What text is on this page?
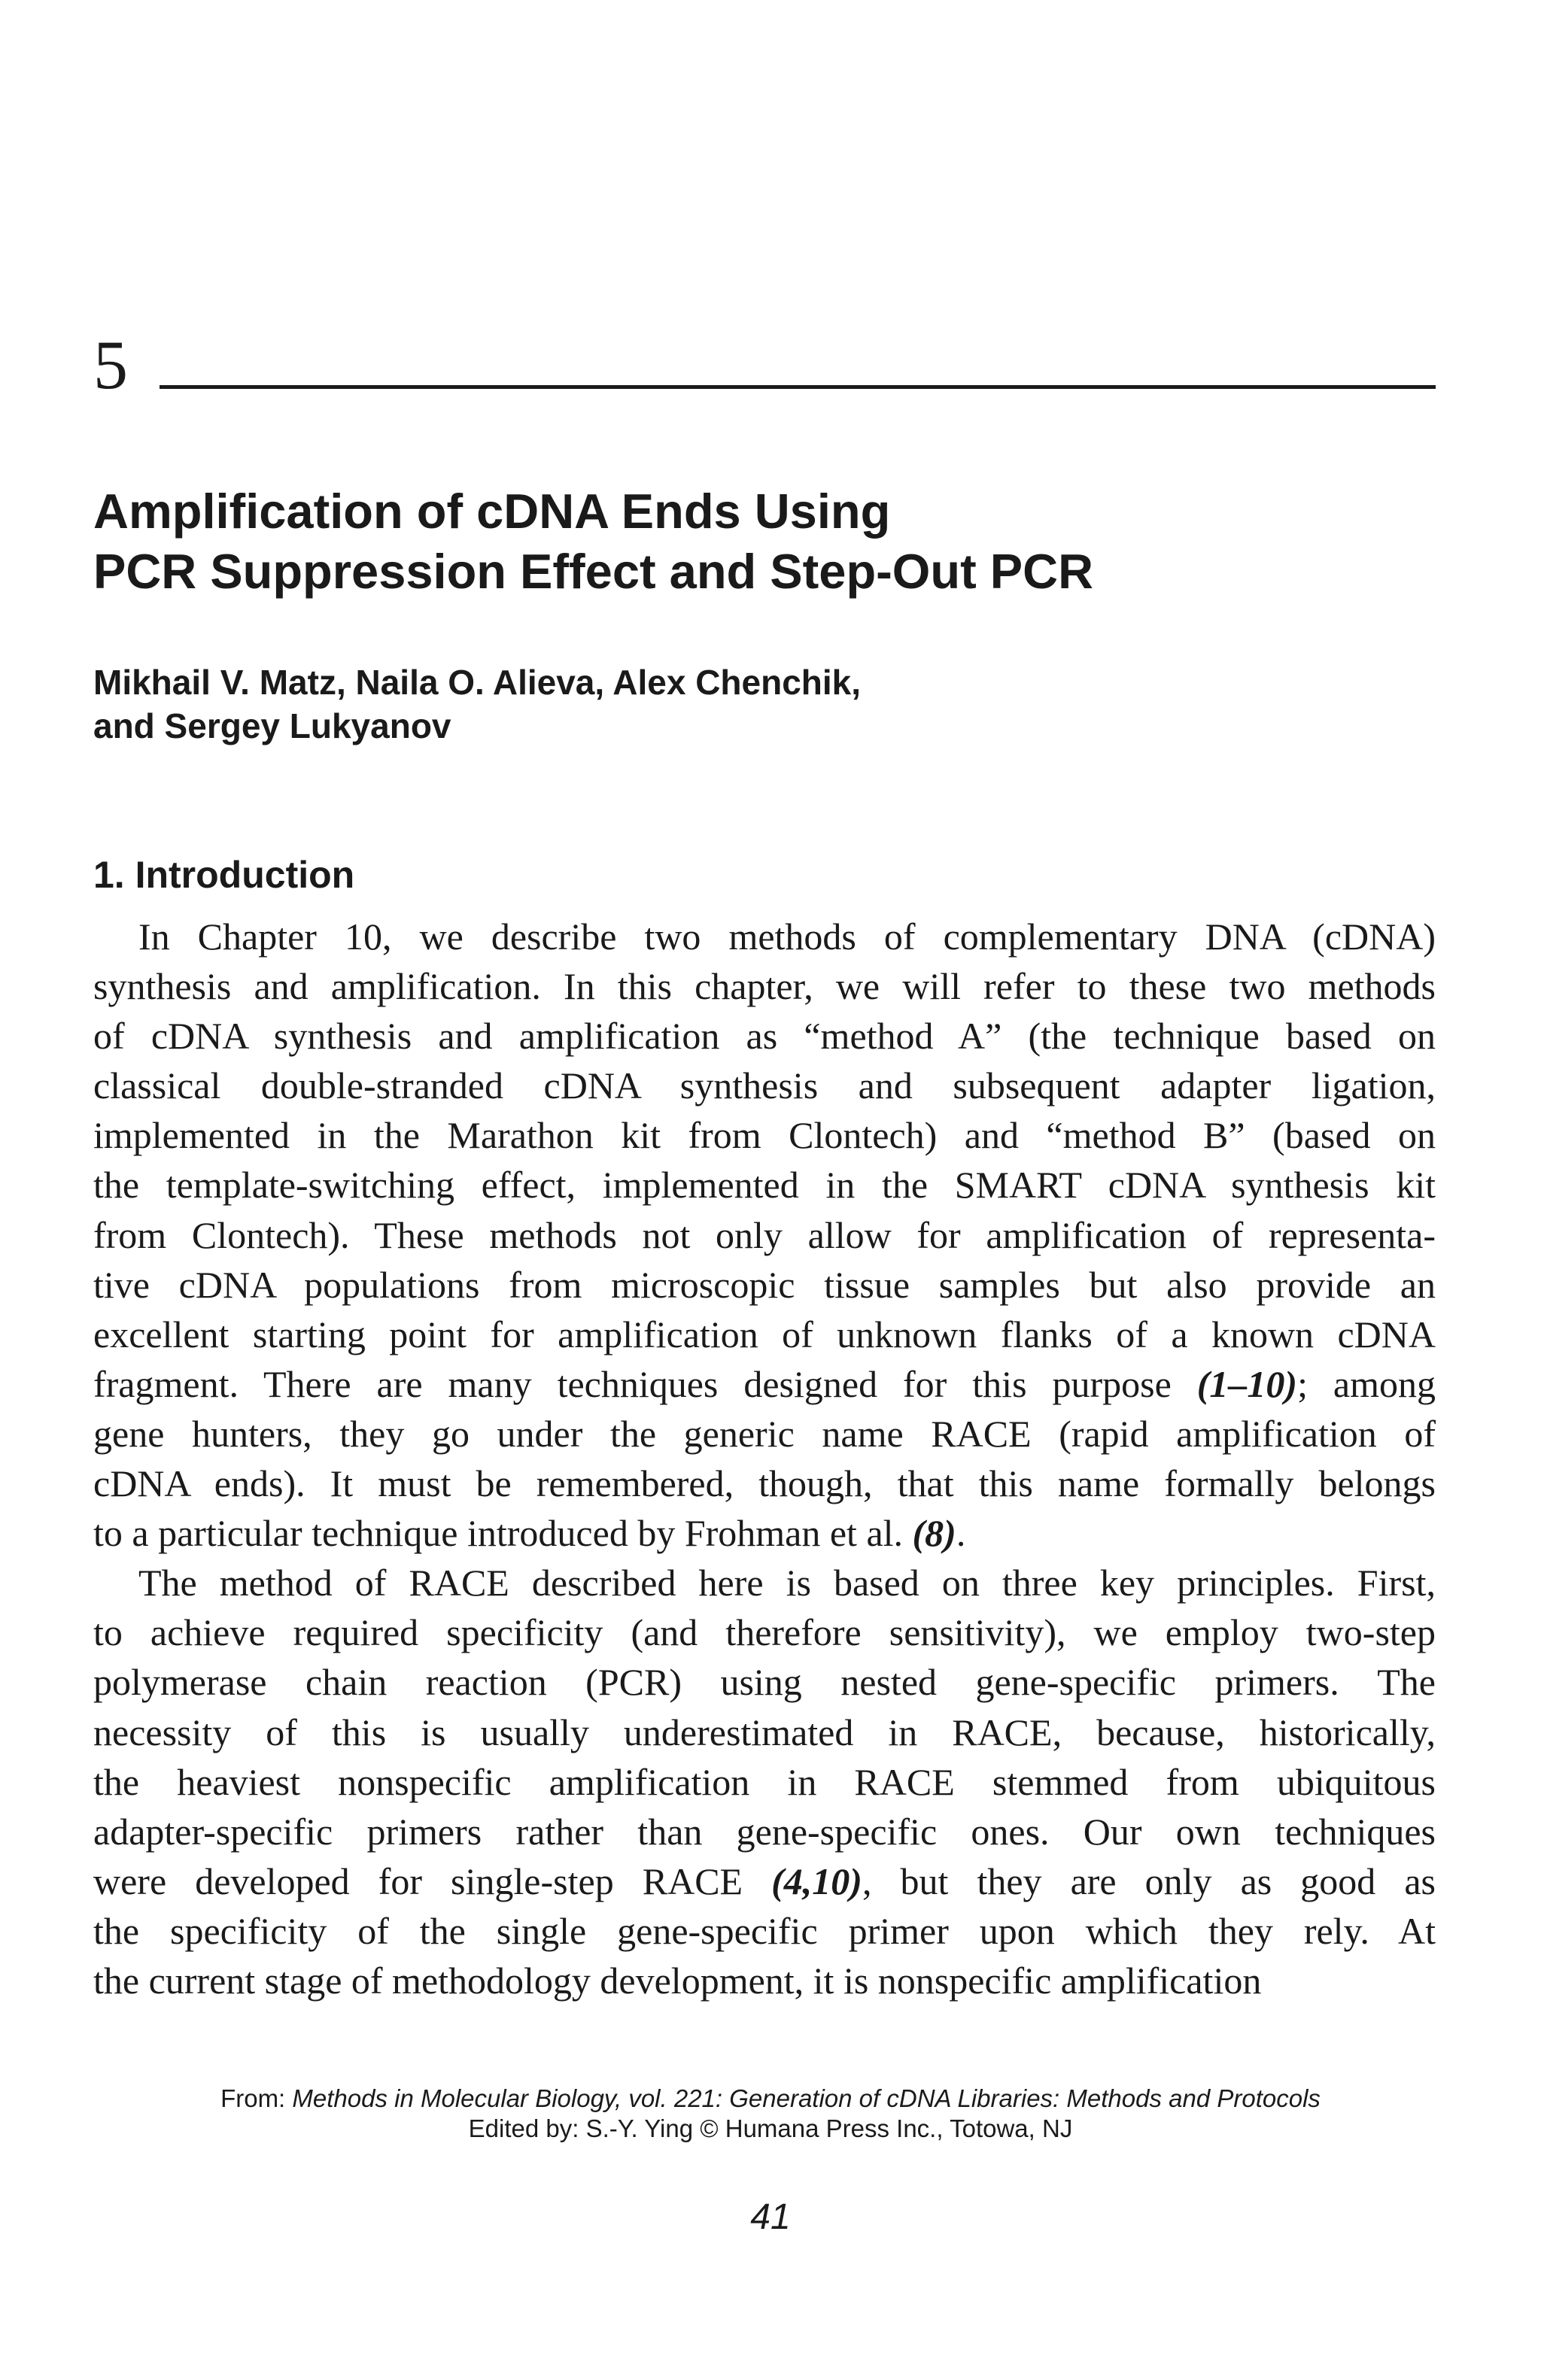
5
Amplification of cDNA Ends Using
PCR Suppression Effect and Step-Out PCR
Mikhail V. Matz, Naila O. Alieva, Alex Chenchik,
and Sergey Lukyanov
1. Introduction
In Chapter 10, we describe two methods of complementary DNA (cDNA)
synthesis and amplification. In this chapter, we will refer to these two methods
of cDNA synthesis and amplification as “method A” (the technique based on
classical double-stranded cDNA synthesis and subsequent adapter ligation,
implemented in the Marathon kit from Clontech) and “method B” (based on
the template-switching effect, implemented in the SMART cDNA synthesis kit
from Clontech). These methods not only allow for amplification of representa-
tive cDNA populations from microscopic tissue samples but also provide an
excellent starting point for amplification of unknown flanks of a known cDNA
fragment. There are many techniques designed for this purpose (1–10); among
gene hunters, they go under the generic name RACE (rapid amplification of
cDNA ends). It must be remembered, though, that this name formally belongs
to a particular technique introduced by Frohman et al. (8).
The method of RACE described here is based on three key principles. First,
to achieve required specificity (and therefore sensitivity), we employ two-step
polymerase chain reaction (PCR) using nested gene-specific primers. The
necessity of this is usually underestimated in RACE, because, historically,
the heaviest nonspecific amplification in RACE stemmed from ubiquitous
adapter-specific primers rather than gene-specific ones. Our own techniques
were developed for single-step RACE (4,10), but they are only as good as
the specificity of the single gene-specific primer upon which they rely. At
the current stage of methodology development, it is nonspecific amplification
From: Methods in Molecular Biology, vol. 221: Generation of cDNA Libraries: Methods and Protocols
Edited by: S.-Y. Ying © Humana Press Inc., Totowa, NJ
41
